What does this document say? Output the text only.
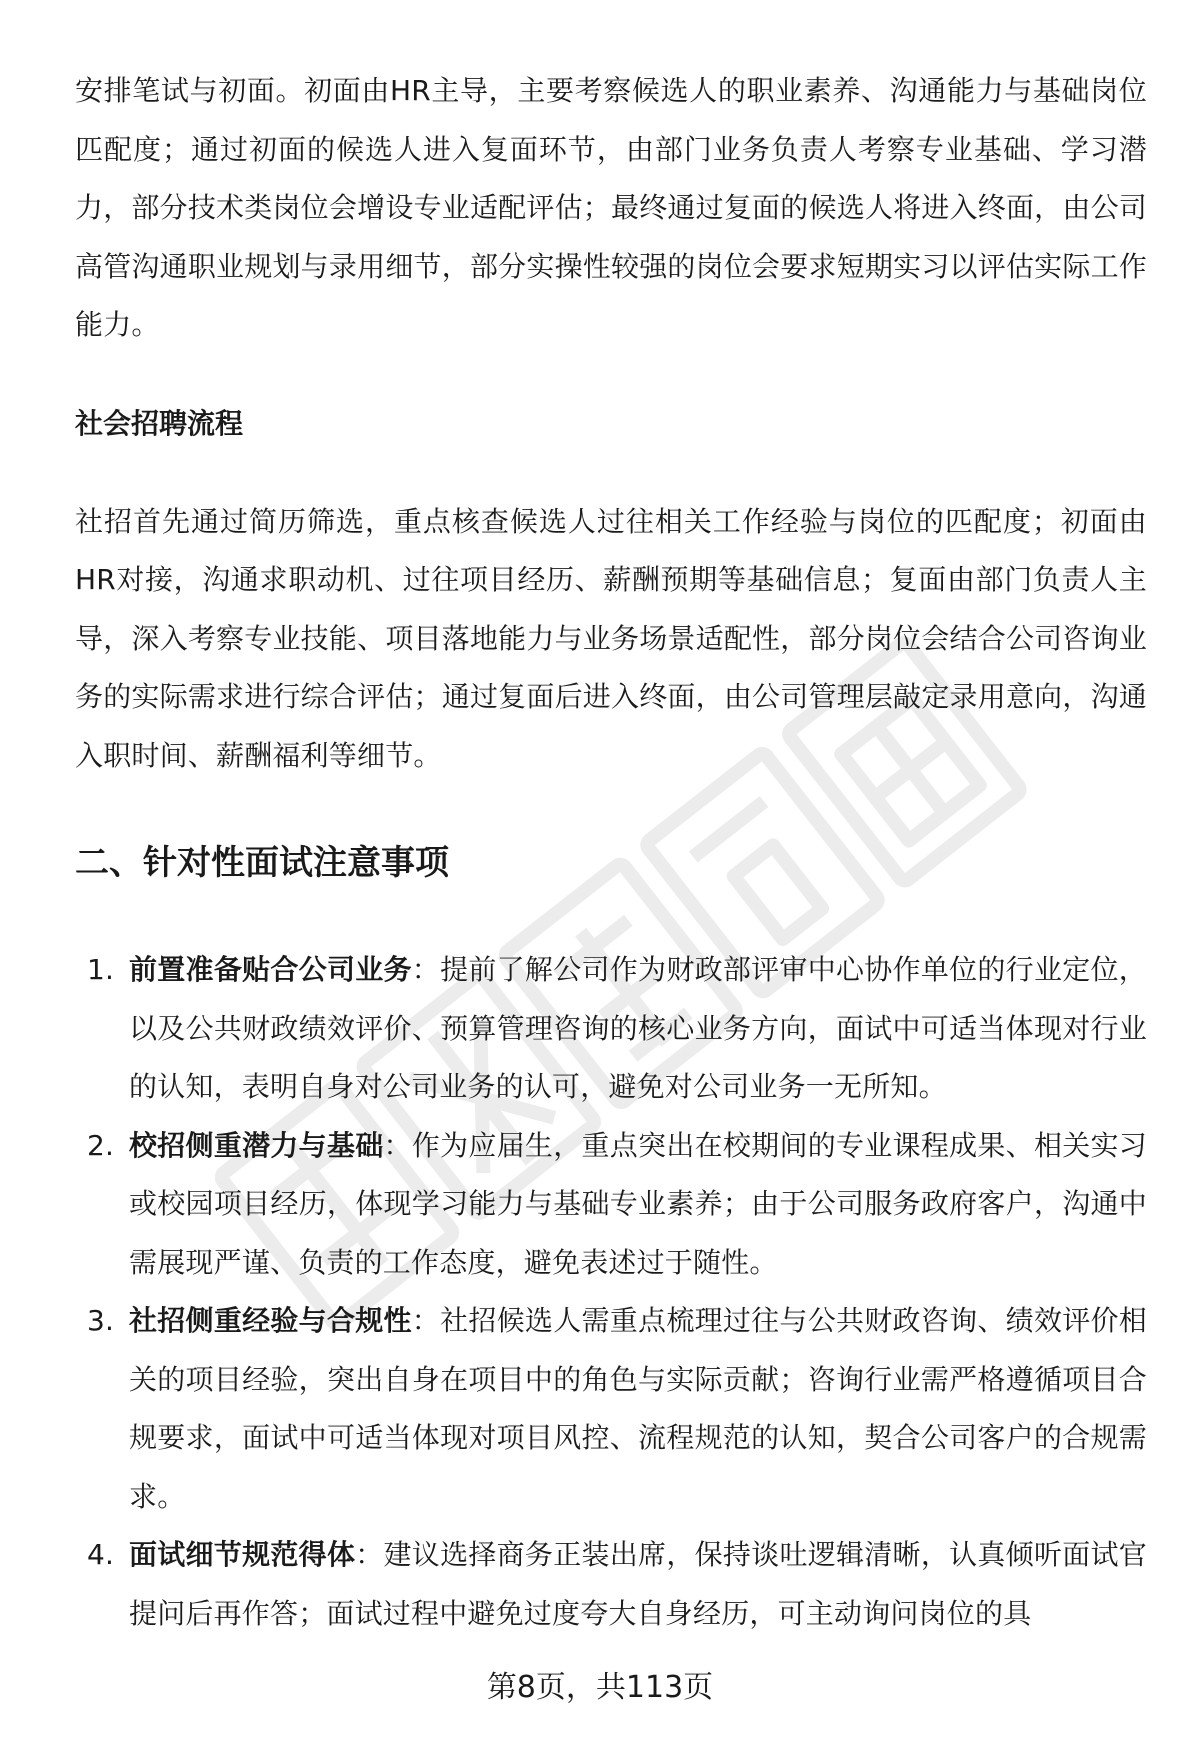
安排笔试与初面。初面由HR主导，主要考察候选人的职业素养、沟通能力与基础岗位匹配度；通过初面的候选人进入复面环节，由部门业务负责人考察专业基础、学习潜力，部分技术类岗位会增设专业适配评估；最终通过复面的候选人将进入终面，由公司高管沟通职业规划与录用细节，部分实操性较强的岗位会要求短期实习以评估实际工作能力。

社会招聘流程

社招首先通过简历筛选，重点核查候选人过往相关工作经验与岗位的匹配度；初面由HR对接，沟通求职动机、过往项目经历、薪酬预期等基础信息；复面由部门负责人主导，深入考察专业技能、项目落地能力与业务场景适配性，部分岗位会结合公司咨询业务的实际需求进行综合评估；通过复面后进入终面，由公司管理层敲定录用意向，沟通入职时间、薪酬福利等细节。

二、针对性面试注意事项
1. 前置准备贴合公司业务：提前了解公司作为财政部评审中心协作单位的行业定位，以及公共财政绩效评价、预算管理咨询的核心业务方向，面试中可适当体现对行业的认知，表明自身对公司业务的认可，避免对公司业务一无所知。
2. 校招侧重潜力与基础：作为应届生，重点突出在校期间的专业课程成果、相关实习或校园项目经历，体现学习能力与基础专业素养；由于公司服务政府客户，沟通中需展现严谨、负责的工作态度，避免表述过于随性。
3. 社招侧重经验与合规性：社招候选人需重点梳理过往与公共财政咨询、绩效评价相关的项目经验，突出自身在项目中的角色与实际贡献；咨询行业需严格遵循项目合规要求，面试中可适当体现对项目风控、流程规范的认知，契合公司客户的合规需求。
4. 面试细节规范得体：建议选择商务正装出席，保持谈吐逻辑清晰，认真倾听面试官提问后再作答；面试过程中避免过度夸大自身经历，可主动询问岗位的具
第8页，共113页
